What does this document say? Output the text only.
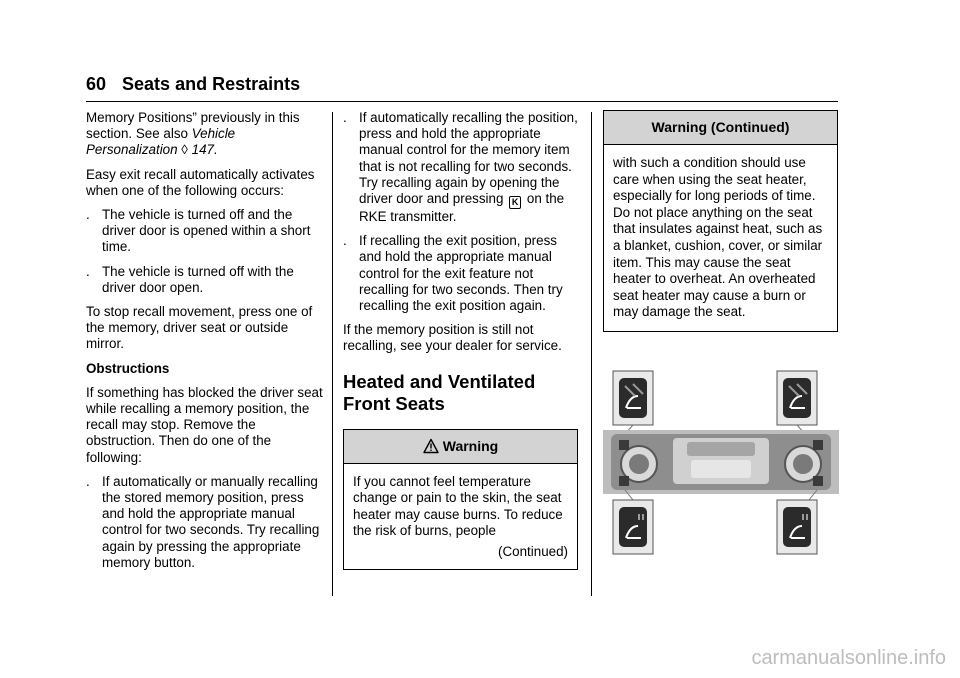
60 Seats and Restraints
Memory Positions” previously in this section. See also Vehicle Personalization ◊ 147.
Easy exit recall automatically activates when one of the following occurs:
. The vehicle is turned off and the driver door is opened within a short time.
. The vehicle is turned off with the driver door open.
To stop recall movement, press one of the memory, driver seat or outside mirror.
Obstructions
If something has blocked the driver seat while recalling a memory position, the recall may stop. Remove the obstruction. Then do one of the following:
. If automatically or manually recalling the stored memory position, press and hold the appropriate manual control for two seconds. Try recalling again by pressing the appropriate memory button.
. If automatically recalling the position, press and hold the appropriate manual control for the memory item that is not recalling for two seconds. Try recalling again by opening the driver door and pressing K on the RKE transmitter.
. If recalling the exit position, press and hold the appropriate manual control for the exit feature not recalling for two seconds. Then try recalling the exit position again.
If the memory position is still not recalling, see your dealer for service.
Heated and Ventilated Front Seats
Warning
If you cannot feel temperature change or pain to the skin, the seat heater may cause burns. To reduce the risk of burns, people
(Continued)
Warning (Continued)
with such a condition should use care when using the seat heater, especially for long periods of time. Do not place anything on the seat that insulates against heat, such as a blanket, cushion, cover, or similar item. This may cause the seat heater to overheat. An overheated seat heater may cause a burn or may damage the seat.
carmanualsonline.info
